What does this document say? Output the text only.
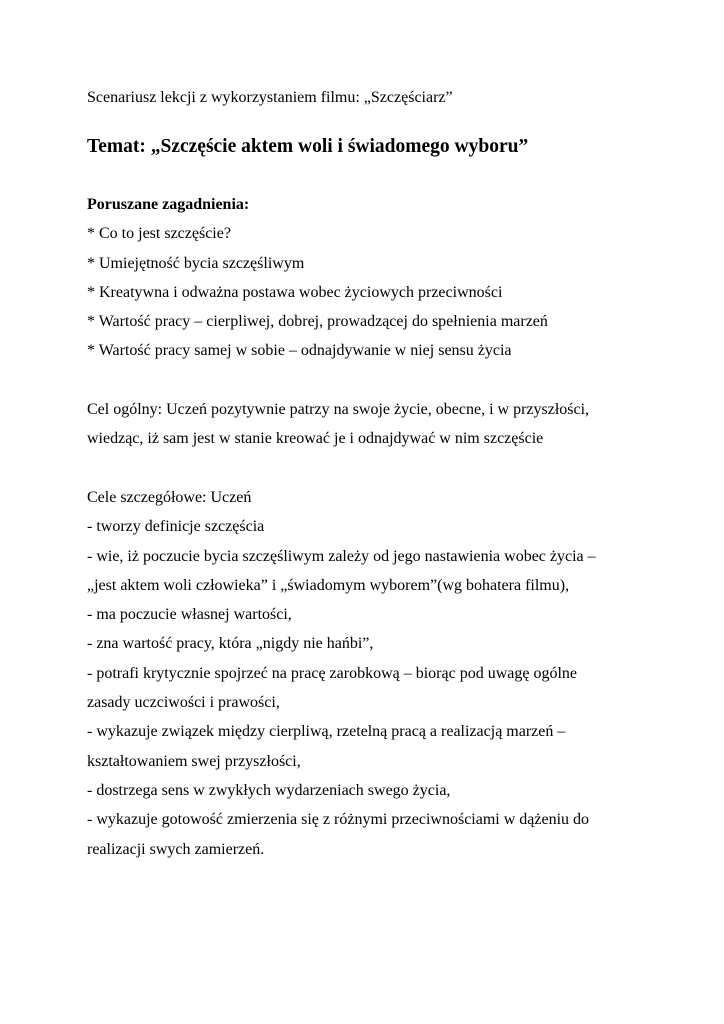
Scenariusz lekcji z wykorzystaniem filmu: „Szczęściarz”

Temat: „Szczęście aktem woli i świadomego wyboru”

Poruszane zagadnienia:

* Co to jest szczęście?

* Umiejętność bycia szczęśliwym

* Kreatywna i odważna postawa wobec życiowych przeciwności

* Wartość pracy – cierpliwej, dobrej, prowadzącej do spełnienia marzeń

* Wartość pracy samej w sobie – odnajdywanie w niej sensu życia

Cel ogólny: Uczeń pozytywnie patrzy na swoje życie, obecne, i w przyszłości,

wiedząc, iż sam jest w stanie kreować je i odnajdywać w nim szczęście

Cele szczegółowe: Uczeń

- tworzy definicje szczęścia

- wie, iż poczucie bycia szczęśliwym zależy od jego nastawienia wobec życia –

„jest aktem woli człowieka” i „świadomym wyborem”(wg bohatera filmu),

- ma poczucie własnej wartości,

- zna wartość pracy, która „nigdy nie hańbi”,

- potrafi krytycznie spojrzeć na pracę zarobkową – biorąc pod uwagę ogólne

zasady uczciwości i prawości,

- wykazuje związek między cierpliwą, rzetelną pracą a realizacją marzeń –

kształtowaniem swej przyszłości,

- dostrzega sens w zwykłych wydarzeniach swego życia,

- wykazuje gotowość zmierzenia się z różnymi przeciwnościami w dążeniu do

realizacji swych zamierzeń.
